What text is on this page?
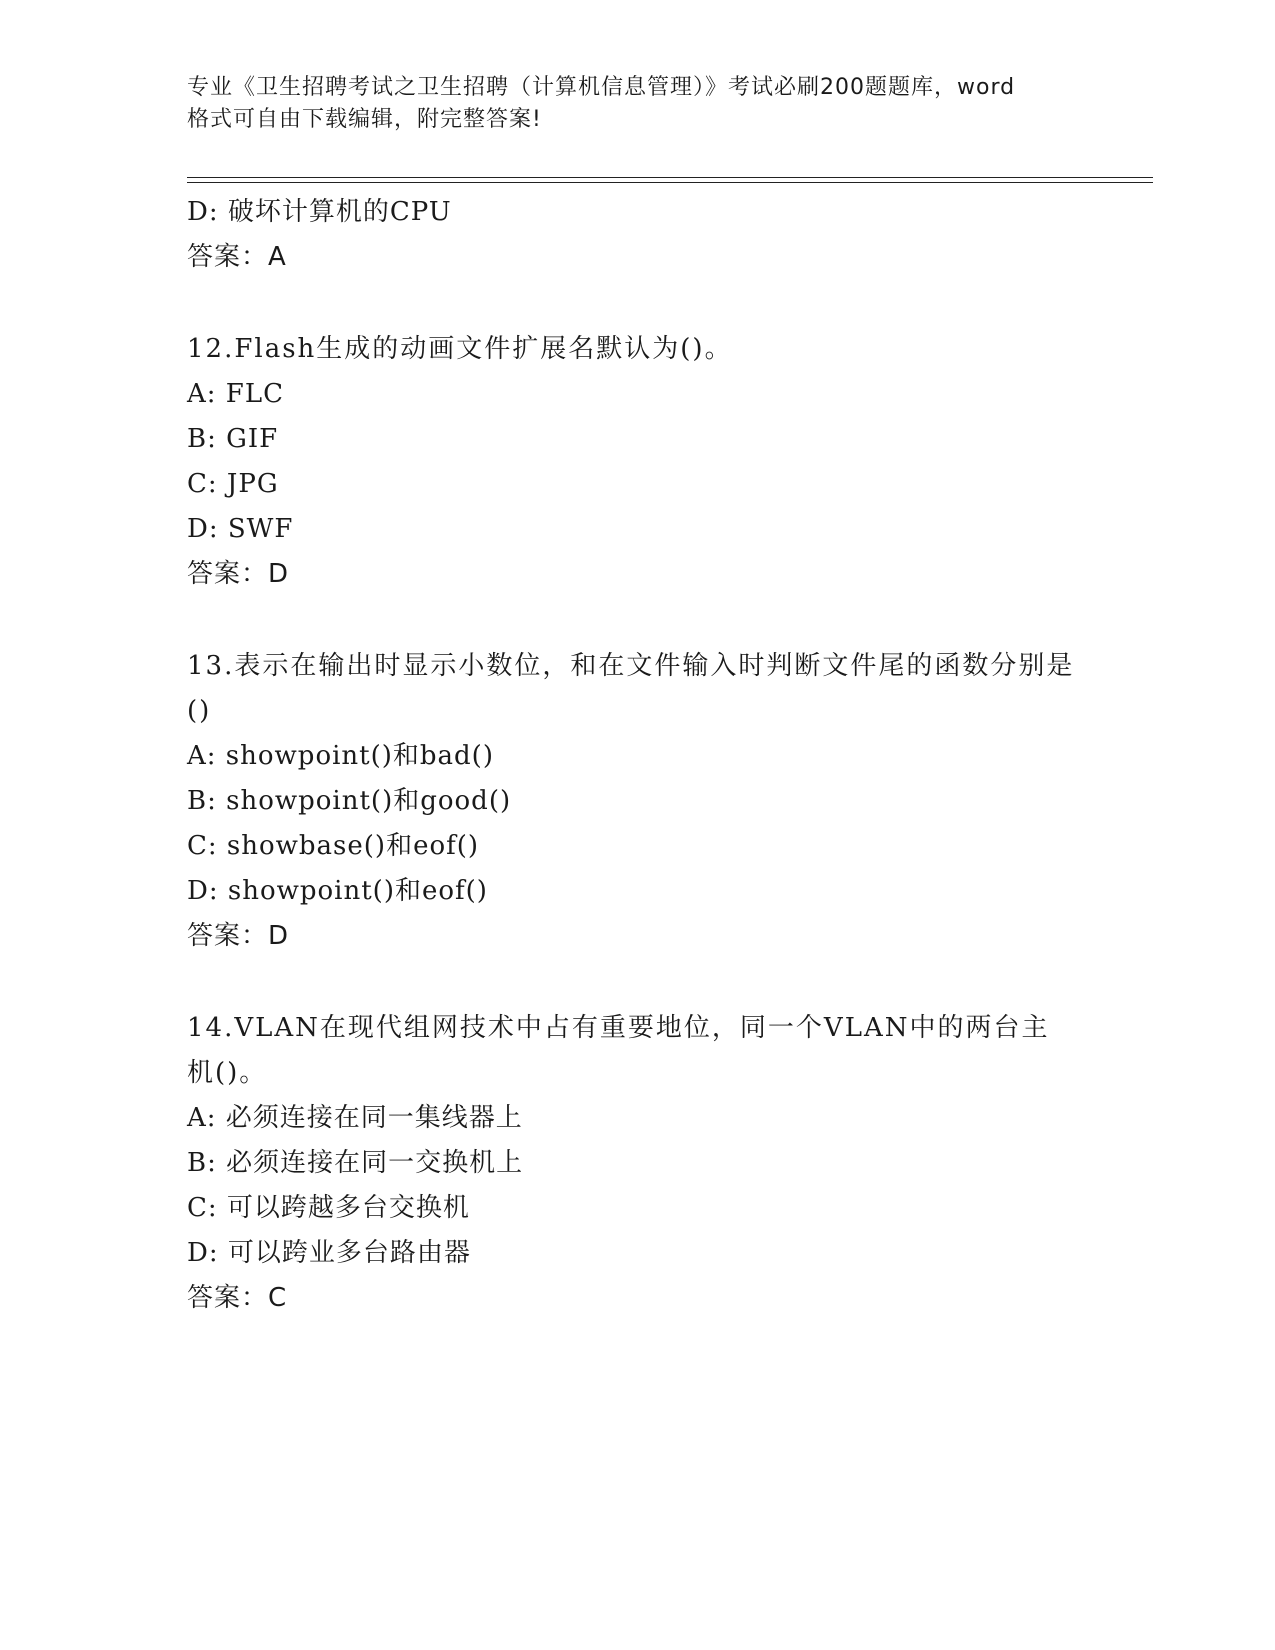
专业《卫生招聘考试之卫生招聘（计算机信息管理）》考试必刷200题题库，word
格式可自由下载编辑，附完整答案!
D: 破坏计算机的CPU
答案：A
12.Flash生成的动画文件扩展名默认为()。
A: FLC
B: GIF
C: JPG
D: SWF
答案：D
13.表示在输出时显示小数位，和在文件输入时判断文件尾的函数分别是()
A: showpoint()和bad()
B: showpoint()和good()
C: showbase()和eof()
D: showpoint()和eof()
答案：D
14.VLAN在现代组网技术中占有重要地位，同一个VLAN中的两台主机()。
A: 必须连接在同一集线器上
B: 必须连接在同一交换机上
C: 可以跨越多台交换机
D: 可以跨业多台路由器
答案：C
